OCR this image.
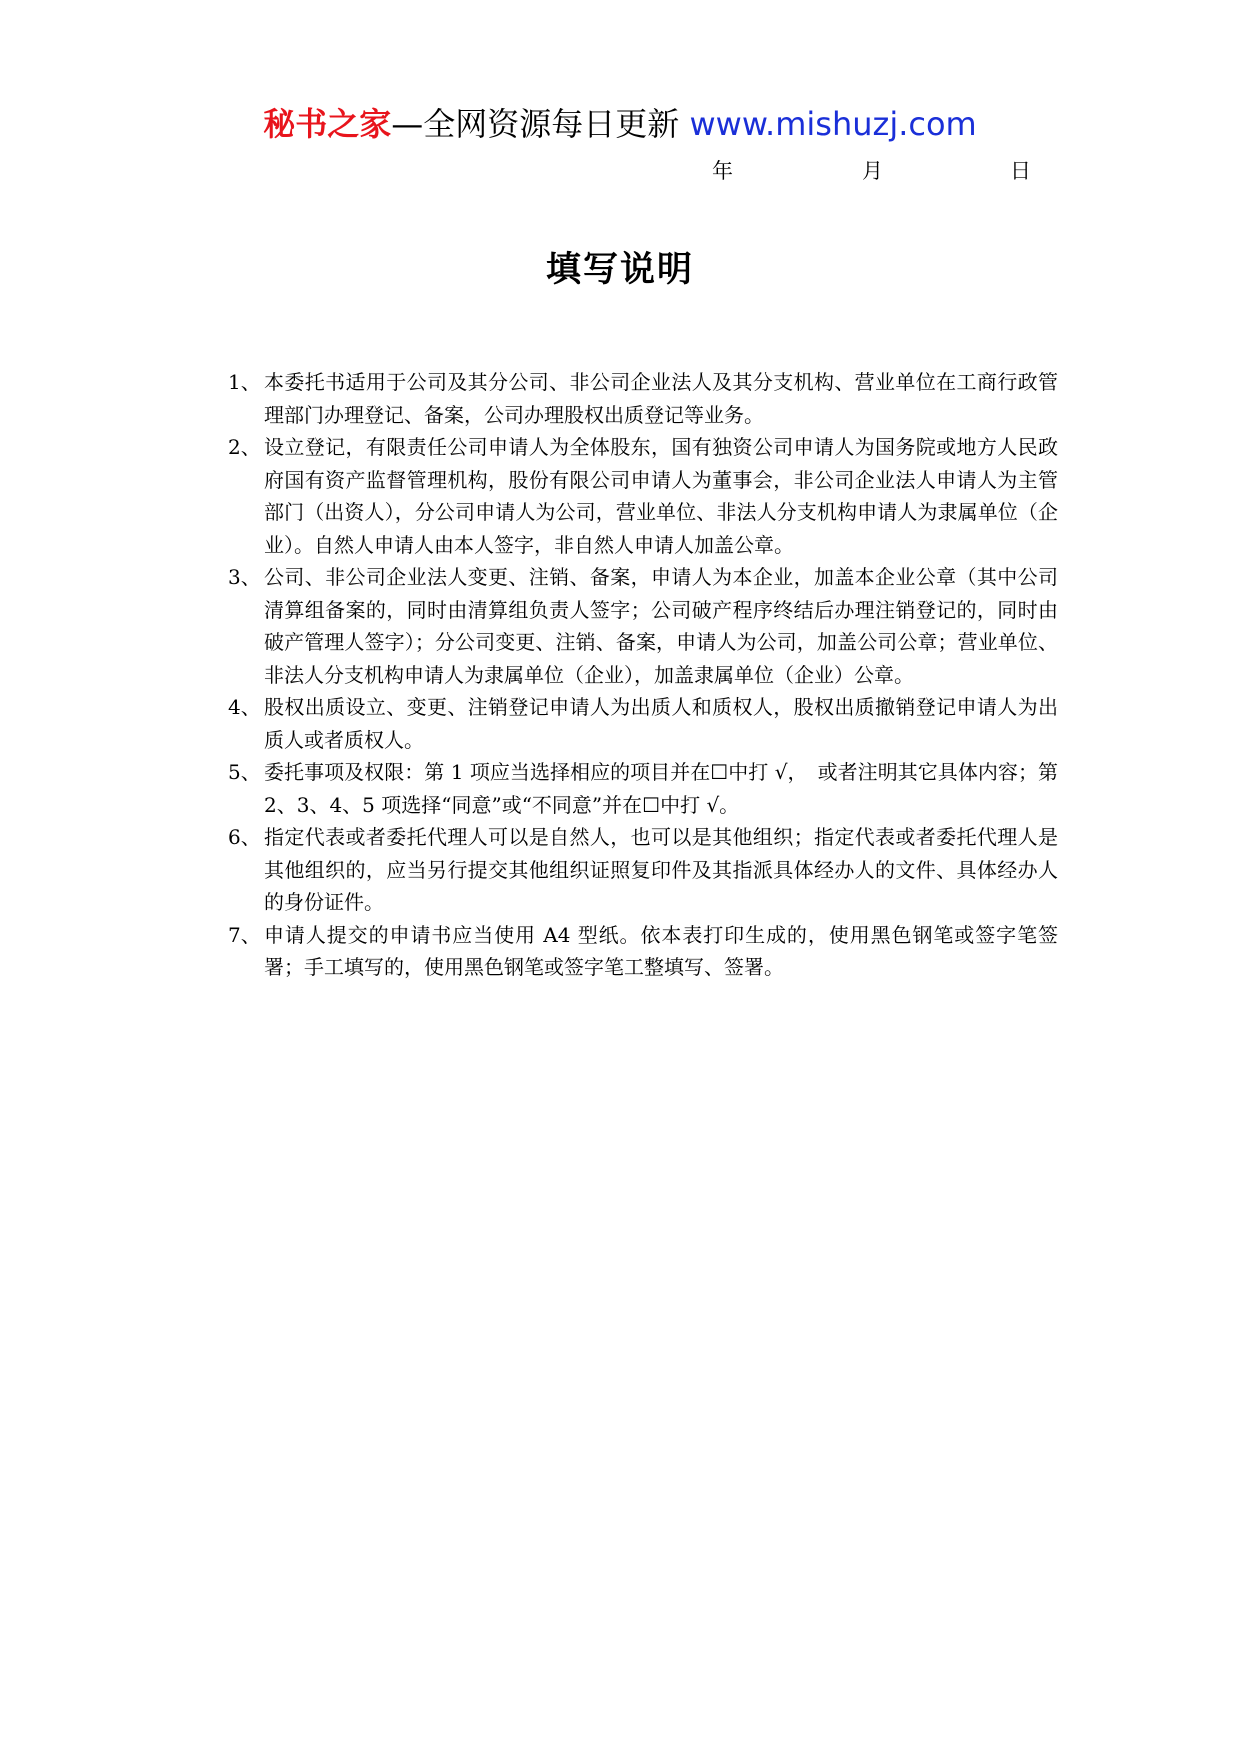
秘书之家—全网资源每日更新 www.mishuzj.com
年	月	日
填写说明
1、 本委托书适用于公司及其分公司、非公司企业法人及其分支机构、营业单位在工商行政管理部门办理登记、备案，公司办理股权出质登记等业务。
2、 设立登记，有限责任公司申请人为全体股东，国有独资公司申请人为国务院或地方人民政府国有资产监督管理机构，股份有限公司申请人为董事会，非公司企业法人申请人为主管部门（出资人），分公司申请人为公司，营业单位、非法人分支机构申请人为隶属单位（企业）。自然人申请人由本人签字，非自然人申请人加盖公章。
3、 公司、非公司企业法人变更、注销、备案，申请人为本企业，加盖本企业公章（其中公司清算组备案的，同时由清算组负责人签字；公司破产程序终结后办理注销登记的，同时由破产管理人签字）；分公司变更、注销、备案，申请人为公司，加盖公司公章；营业单位、非法人分支机构申请人为隶属单位（企业），加盖隶属单位（企业）公章。
4、 股权出质设立、变更、注销登记申请人为出质人和质权人，股权出质撤销登记申请人为出质人或者质权人。
5、 委托事项及权限：第 1 项应当选择相应的项目并在☐中打 √，　或者注明其它具体内容；第 2、3、4、5 项选择“同意”或“不同意”并在☐中打 √。
6、 指定代表或者委托代理人可以是自然人，也可以是其他组织；指定代表或者委托代理人是其他组织的，应当另行提交其他组织证照复印件及其指派具体经办人的文件、具体经办人的身份证件。
7、 申请人提交的申请书应当使用 A4 型纸。依本表打印生成的，使用黑色钢笔或签字笔签署；手工填写的，使用黑色钢笔或签字笔工整填写、签署。
